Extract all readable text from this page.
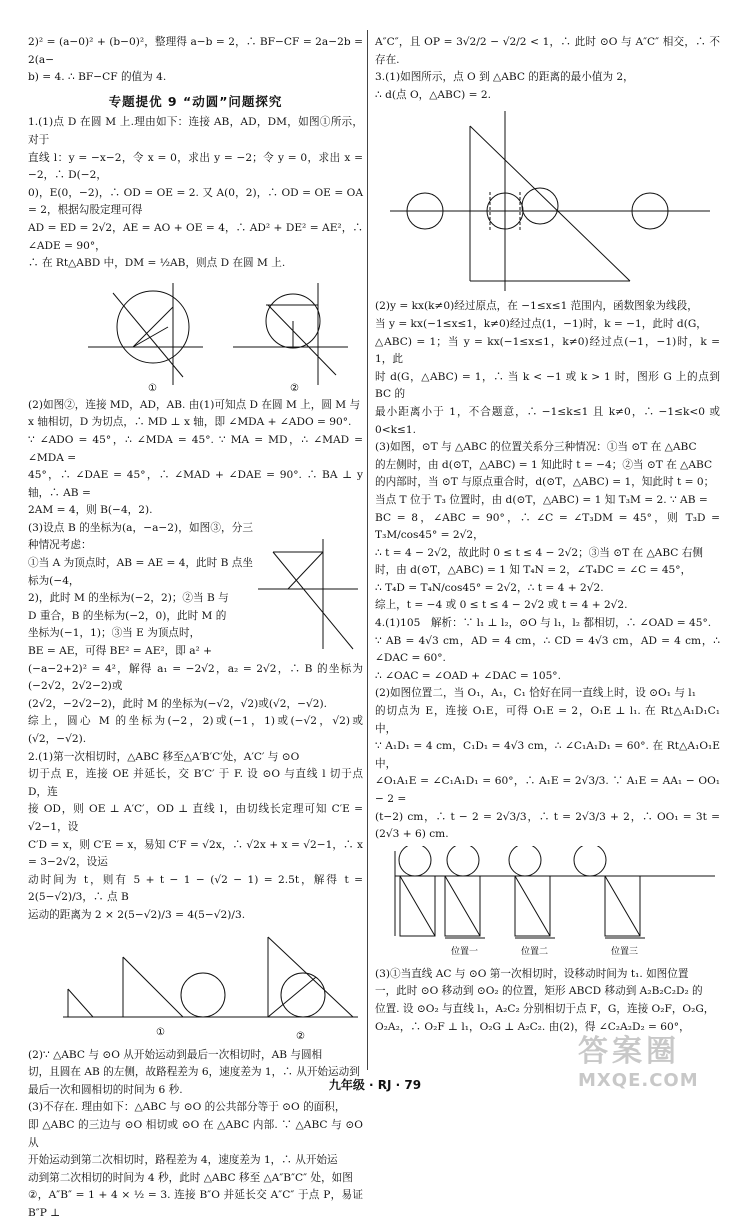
2)² = (a−0)² + (b−0)²，整理得 a−b = 2，∴ BF−CF = 2a−2b = 2(a−

b) = 4. ∴ BF−CF 的值为 4.

专题提优 9 “动圆”问题探究

1.(1)点 D 在圆 M 上.理由如下：连接 AB，AD，DM，如图①所示，对于

直线 l：y = −x−2，令 x = 0，求出 y = −2；令 y = 0，求出 x = −2，∴ D(−2，

0)，E(0，−2)，∴ OD = OE = 2. 又 A(0，2)，∴ OD = OE = OA = 2，根据勾股定理可得

AD = ED = 2√2，AE = AO + OE = 4，∴ AD² + DE² = AE²，∴ ∠ADE = 90°，

∴ 在 Rt△ABD 中，DM = ½AB，则点 D 在圆 M 上.

①	②

(2)如图②，连接 MD，AD，AB. 由(1)可知点 D 在圆 M 上，圆 M 与

x 轴相切，D 为切点，∴ MD ⊥ x 轴，即 ∠MDA + ∠ADO = 90°.

∵ ∠ADO = 45°，∴ ∠MDA = 45°. ∵ MA = MD，∴ ∠MAD = ∠MDA =

45°，∴ ∠DAE = 45°，∴ ∠MAD + ∠DAE = 90°. ∴ BA ⊥ y 轴，∴ AB =

2AM = 4，则 B(−4，2).

(3)设点 B 的坐标为(a，−a−2)，如图③，分三种情况考虑：

①当 A 为顶点时，AB = AE = 4，此时 B 点坐标为(−4，

2)，此时 M 的坐标为(−2，2)；②当 B 与

D 重合，B 的坐标为(−2，0)，此时 M 的

坐标为(−1，1)；③当 E 为顶点时，

BE = AE，可得 BE² = AE²，即 a² +

(−a−2+2)² = 4²，解得 a₁ = −2√2，a₂ = 2√2，∴ B 的坐标为(−2√2，2√2−2)或

(2√2，−2√2−2)，此时 M 的坐标为(−√2，√2)或(√2，−√2).

综上，圆心 M 的坐标为(−2，2)或(−1，1)或(−√2，√2)或(√2，−√2).

2.(1)第一次相切时，△ABC 移至△A′B′C′处，A′C′ 与 ⊙O

切于点 E，连接 OE 并延长，交 B′C′ 于 F. 设 ⊙O 与直线 l 切于点 D，连

接 OD，则 OE ⊥ A′C′，OD ⊥ 直线 l，由切线长定理可知 C′E = √2−1，设

C′D = x，则 C′E = x，易知 C′F = √2x，∴ √2x + x = √2−1，∴ x = 3−2√2，设运

动时间为 t，则有 5 + t − 1 − (√2 − 1) = 2.5t，解得 t = 2(5−√2)/3，∴ 点 B

运动的距离为 2 × 2(5−√2)/3 = 4(5−√2)/3.

①	②

(2)∵ △ABC 与 ⊙O 从开始运动到最后一次相切时，AB 与圆相

切，且圆在 AB 的左侧，故路程差为 6，速度差为 1，∴ 从开始运动到

最后一次和圆相切的时间为 6 秒.

(3)不存在. 理由如下：△ABC 与 ⊙O 的公共部分等于 ⊙O 的面积，

即 △ABC 的三边与 ⊙O 相切或 ⊙O 在 △ABC 内部. ∵ △ABC 与 ⊙O 从

开始运动到第二次相切时，路程差为 4，速度差为 1，∴ 从开始运

动到第二次相切的时间为 4 秒，此时 △ABC 移至 △A″B″C″ 处，如图

②，A″B″ = 1 + 4 × ½ = 3. 连接 B″O 并延长交 A″C″ 于点 P，易证 B″P ⊥

A″C″，且 OP = 3√2/2 − √2/2 < 1，∴ 此时 ⊙O 与 A″C″ 相交，∴ 不存在.

3.(1)如图所示，点 O 到 △ABC 的距离的最小值为 2，

∴ d(点 O，△ABC) = 2.

(2)y = kx(k≠0)经过原点，在 −1≤x≤1 范围内，函数图象为线段，

当 y = kx(−1≤x≤1，k≠0)经过点(1，−1)时，k = −1，此时 d(G，

△ABC) = 1；当 y = kx(−1≤x≤1，k≠0)经过点(−1，−1)时，k = 1，此

时 d(G，△ABC) = 1，∴ 当 k < −1 或 k > 1 时，图形 G 上的点到 BC 的

最小距离小于 1，不合题意，∴ −1≤k≤1 且 k≠0，∴ −1≤k<0 或 0<k≤1.

(3)如图，⊙T 与 △ABC 的位置关系分三种情况：①当 ⊙T 在 △ABC

的左侧时，由 d(⊙T，△ABC) = 1 知此时 t = −4；②当 ⊙T 在 △ABC

的内部时，当 ⊙T 与原点重合时，d(⊙T，△ABC) = 1，知此时 t = 0；

当点 T 位于 T₃ 位置时，由 d(⊙T，△ABC) = 1 知 T₃M = 2. ∵ AB =

BC = 8，∠ABC = 90°，∴ ∠C = ∠T₃DM = 45°，则 T₃D = T₃M/cos45° = 2√2，

∴ t = 4 − 2√2，故此时 0 ≤ t ≤ 4 − 2√2；③当 ⊙T 在 △ABC 右侧

时，由 d(⊙T，△ABC) = 1 知 T₄N = 2，∠T₄DC = ∠C = 45°，

∴ T₄D = T₄N/cos45° = 2√2，∴ t = 4 + 2√2.

综上，t = −4 或 0 ≤ t ≤ 4 − 2√2 或 t = 4 + 2√2.

4.(1)105　解析：∵ l₁ ⊥ l₂，⊙O 与 l₁，l₂ 都相切，∴ ∠OAD = 45°.

∵ AB = 4√3 cm，AD = 4 cm，∴ CD = 4√3 cm，AD = 4 cm，∴ ∠DAC = 60°.

∴ ∠OAC = ∠OAD + ∠DAC = 105°.

(2)如图位置二，当 O₁，A₁，C₁ 恰好在同一直线上时，设 ⊙O₁ 与 l₁

的切点为 E，连接 O₁E，可得 O₁E = 2，O₁E ⊥ l₁. 在 Rt△A₁D₁C₁ 中，

∵ A₁D₁ = 4 cm，C₁D₁ = 4√3 cm，∴ ∠C₁A₁D₁ = 60°. 在 Rt△A₁O₁E 中，

∠O₁A₁E = ∠C₁A₁D₁ = 60°，∴ A₁E = 2√3/3. ∵ A₁E = AA₁ − OO₁ − 2 =

(t−2) cm，∴ t − 2 = 2√3/3，∴ t = 2√3/3 + 2，∴ OO₁ = 3t = (2√3 + 6) cm.

位置一	位置二	位置三

(3)①当直线 AC 与 ⊙O 第一次相切时，设移动时间为 t₁. 如图位置

一，此时 ⊙O 移动到 ⊙O₂ 的位置，矩形 ABCD 移动到 A₂B₂C₂D₂ 的

位置. 设 ⊙O₂ 与直线 l₁，A₂C₂ 分别相切于点 F，G，连接 O₂F，O₂G，

O₂A₂，∴ O₂F ⊥ l₁，O₂G ⊥ A₂C₂. 由(2)，得 ∠C₂A₂D₂ = 60°，

答案圈
MXQE.COM
九年级 · RJ · 79
